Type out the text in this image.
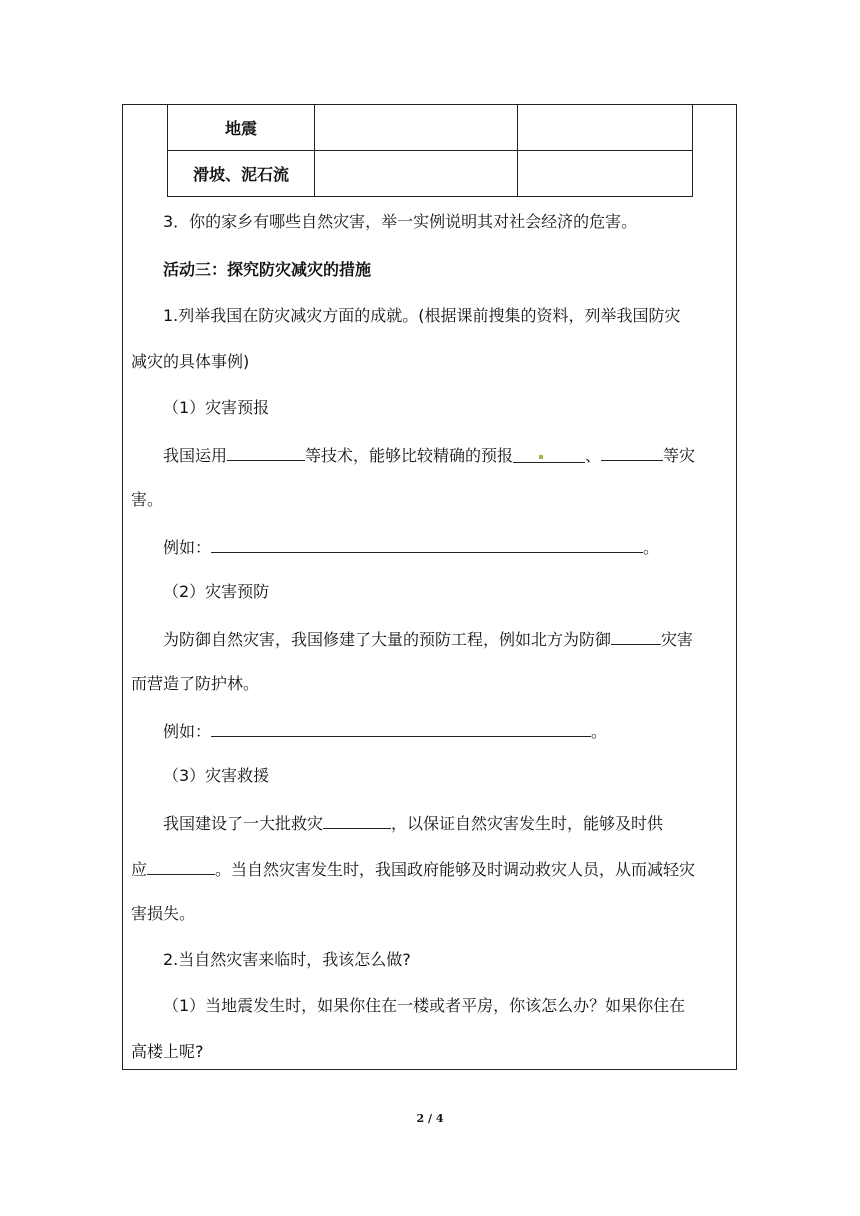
地震		
滑坡、泥石流		
3．你的家乡有哪些自然灾害，举一实例说明其对社会经济的危害。
活动三：探究防灾减灾的措施
1.列举我国在防灾减灾方面的成就。(根据课前搜集的资料，列举我国防灾
减灾的具体事例)
（1）灾害预报
我国运用	等技术，能够比较精确的预报	、	等灾
害。
例如：	。
（2）灾害预防
为防御自然灾害，我国修建了大量的预防工程，例如北方为防御	灾害
而营造了防护林。
例如：	。
（3）灾害救援
我国建设了一大批救灾	，以保证自然灾害发生时，能够及时供
应	。当自然灾害发生时，我国政府能够及时调动救灾人员，从而减轻灾
害损失。
2.当自然灾害来临时，我该怎么做?
（1）当地震发生时，如果你住在一楼或者平房，你该怎么办？如果你住在
高楼上呢?
2 / 4
